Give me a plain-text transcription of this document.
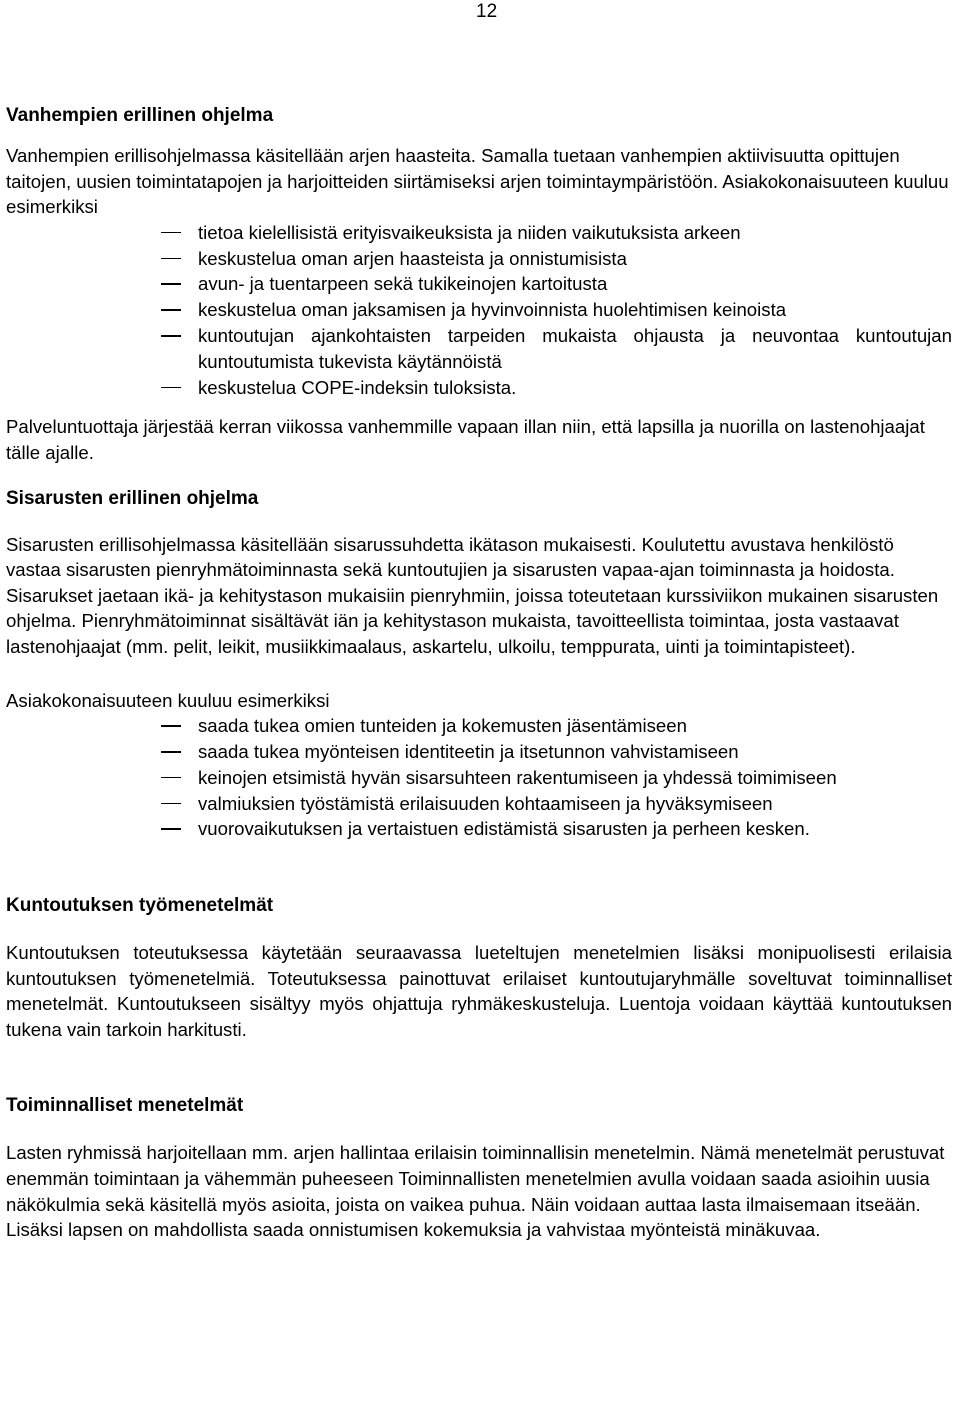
12
Vanhempien erillinen ohjelma

Vanhempien erillisohjelmassa käsitellään arjen haasteita. Samalla tuetaan vanhempien aktiivisuutta opittujen taitojen, uusien toimintatapojen ja harjoitteiden siirtämiseksi arjen toimintaympäristöön. Asiakokonaisuuteen kuuluu esimerkiksi

tietoa kielellisistä erityisvaikeuksista ja niiden vaikutuksista arkeen
keskustelua oman arjen haasteista ja onnistumisista
avun- ja tuentarpeen sekä tukikeinojen kartoitusta
keskustelua oman jaksamisen ja hyvinvoinnista huolehtimisen keinoista
kuntoutujan ajankohtaisten tarpeiden mukaista ohjausta ja neuvontaa kuntoutujan kuntoutumista tukevista käytännöistä
keskustelua COPE-indeksin tuloksista.

Palveluntuottaja järjestää kerran viikossa vanhemmille vapaan illan niin, että lapsilla ja nuorilla on lastenohjaajat tälle ajalle.

Sisarusten erillinen ohjelma

Sisarusten erillisohjelmassa käsitellään sisarussuhdetta ikätason mukaisesti. Koulutettu avustava henkilöstö vastaa sisarusten pienryhmätoiminnasta sekä kuntoutujien ja sisarusten vapaa-ajan toiminnasta ja hoidosta. Sisarukset jaetaan ikä- ja kehitystason mukaisiin pienryhmiin, joissa toteutetaan kurssiviikon mukainen sisarusten ohjelma. Pienryhmätoiminnat sisältävät iän ja kehitystason mukaista, tavoitteellista toimintaa, josta vastaavat lastenohjaajat (mm. pelit, leikit, musiikkimaalaus, askartelu, ulkoilu, temppurata, uinti ja toimintapisteet).

Asiakokonaisuuteen kuuluu esimerkiksi

saada tukea omien tunteiden ja kokemusten jäsentämiseen
saada tukea myönteisen identiteetin ja itsetunnon vahvistamiseen
keinojen etsimistä hyvän sisarsuhteen rakentumiseen ja yhdessä toimimiseen
valmiuksien työstämistä erilaisuuden kohtaamiseen ja hyväksymiseen
vuorovaikutuksen ja vertaistuen edistämistä sisarusten ja perheen kesken.
Kuntoutuksen työmenetelmät

Kuntoutuksen toteutuksessa käytetään seuraavassa lueteltujen menetelmien lisäksi monipuolisesti erilaisia kuntoutuksen työmenetelmiä. Toteutuksessa painottuvat erilaiset kuntoutujaryhmälle soveltuvat toiminnalliset menetelmät. Kuntoutukseen sisältyy myös ohjattuja ryhmäkeskusteluja. Luentoja voidaan käyttää kuntoutuksen tukena vain tarkoin harkitusti.

Toiminnalliset menetelmät

Lasten ryhmissä harjoitellaan mm. arjen hallintaa erilaisin toiminnallisin menetelmin. Nämä menetelmät perustuvat enemmän toimintaan ja vähemmän puheeseen Toiminnallisten menetelmien avulla voidaan saada asioihin uusia näkökulmia sekä käsitellä myös asioita, joista on vaikea puhua. Näin voidaan auttaa lasta ilmaisemaan itseään. Lisäksi lapsen on mahdollista saada onnistumisen kokemuksia ja vahvistaa myönteistä minäkuvaa.
